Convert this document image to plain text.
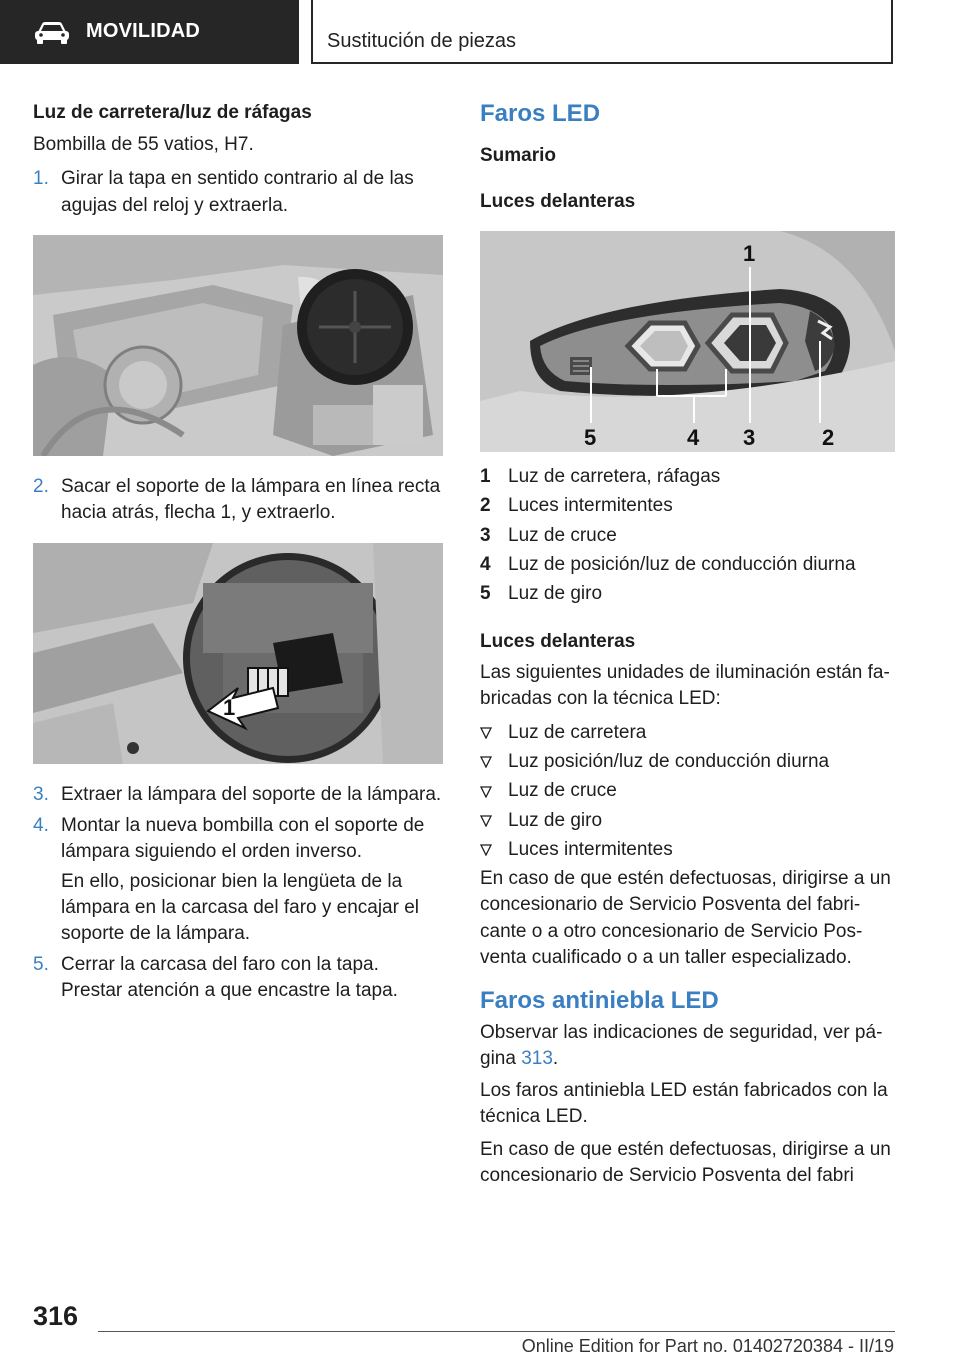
MOVILIDAD	Sustitución de piezas

Luz de carretera/luz de ráfagas

Bombilla de 55 vatios, H7.

1. Girar la tapa en sentido contrario al de las agujas del reloj y extraerla.
2. Sacar el soporte de la lámpara en línea recta hacia atrás, flecha 1, y extraerlo.
1
3. Extraer la lámpara del soporte de la lámpara.
4. Montar la nueva bombilla con el soporte de lámpara siguiendo el orden inverso.
En ello, posicionar bien la lengüeta de la lámpara en la carcasa del faro y encajar el soporte de la lámpara.
5. Cerrar la carcasa del faro con la tapa. Prestar atención a que encastre la tapa.

Faros LED

Sumario

Luces delanteras

1
5	4 3	2
1 Luz de carretera, ráfagas
2 Luces intermitentes
3 Luz de cruce
4 Luz de posición/luz de conducción diurna
5 Luz de giro

Luces delanteras

Las siguientes unidades de iluminación están fabricadas con la técnica LED:

Luz de carretera
Luz posición/luz de conducción diurna
Luz de cruce
Luz de giro
Luces intermitentes

En caso de que estén defectuosas, dirigirse a un concesionario de Servicio Posventa del fabricante o a otro concesionario de Servicio Posventa cualificado o a un taller especializado.

Faros antiniebla LED

Observar las indicaciones de seguridad, ver página 313.

Los faros antiniebla LED están fabricados con la técnica LED.

En caso de que estén defectuosas, dirigirse a un concesionario de Servicio Posventa del fabri

316
Online Edition for Part no. 01402720384 - II/19
